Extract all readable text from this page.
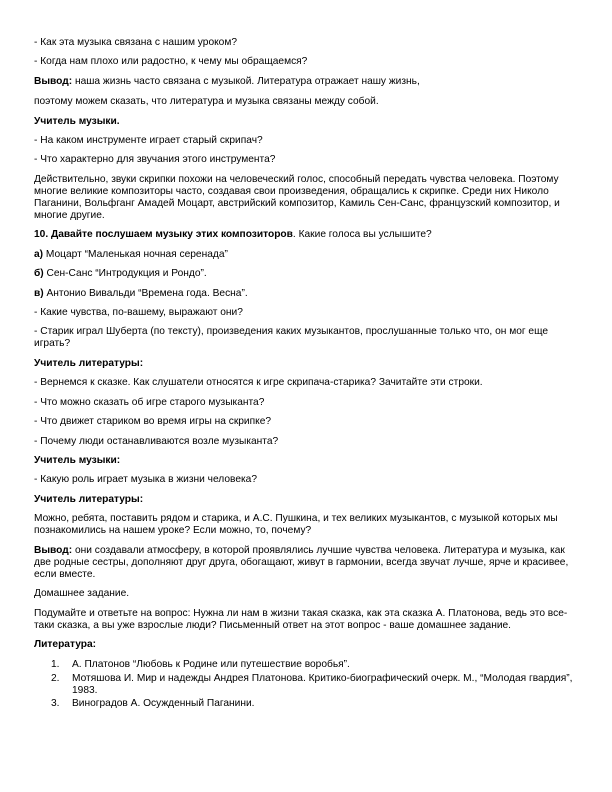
- Как эта музыка связана с нашим уроком?
- Когда нам плохо или радостно, к чему мы обращаемся?
Вывод: наша жизнь часто связана с музыкой. Литература отражает нашу жизнь,
поэтому можем сказать, что литература и музыка связаны между собой.
Учитель музыки.
- На каком инструменте играет старый скрипач?
- Что характерно для звучания этого инструмента?
Действительно, звуки скрипки похожи на человеческий голос, способный передать чувства человека. Поэтому
многие великие композиторы часто, создавая свои произведения, обращались к скрипке. Среди них Николо
Паганини, Вольфганг Амадей Моцарт, австрийский композитор, Камиль Сен-Санс, французский композитор, и
многие другие.
10. Давайте послушаем музыку этих композиторов. Какие голоса вы услышите?
а) Моцарт “Маленькая ночная серенада”
б) Сен-Санс “Интродукция и Рондо”.
в) Антонио Вивальди “Времена года. Весна”.
- Какие чувства, по-вашему, выражают они?
- Старик играл Шуберта (по тексту), произведения каких музыкантов, прослушанные только что, он мог еще
играть?
Учитель литературы:
- Вернемся к сказке. Как слушатели относятся к игре скрипача-старика? Зачитайте эти строки.
- Что можно сказать об игре старого музыканта?
- Что движет стариком во время игры на скрипке?
- Почему люди останавливаются возле музыканта?
Учитель музыки:
- Какую роль играет музыка в жизни человека?
Учитель литературы:
Можно, ребята, поставить рядом и старика, и А.С. Пушкина, и тех великих музыкантов, с музыкой которых мы
познакомились на нашем уроке? Если можно, то, почему?
Вывод: они создавали атмосферу, в которой проявлялись лучшие чувства человека. Литература и музыка, как
две родные сестры, дополняют друг друга, обогащают, живут в гармонии, всегда звучат лучше, ярче и красивее,
если вместе.
Домашнее задание.
Подумайте и ответьте на вопрос: Нужна ли нам в жизни такая сказка, как эта сказка А. Платонова, ведь это все-
таки сказка, а вы уже взрослые люди? Письменный ответ на этот вопрос - ваше домашнее задание.
Литература:
1. А. Платонов “Любовь к Родине или путешествие воробья”.
2. Мотяшова И. Мир и надежды Андрея Платонова. Критико-биографический очерк. М., “Молодая гвардия”,
1983.
3. Виноградов А. Осужденный Паганини.
